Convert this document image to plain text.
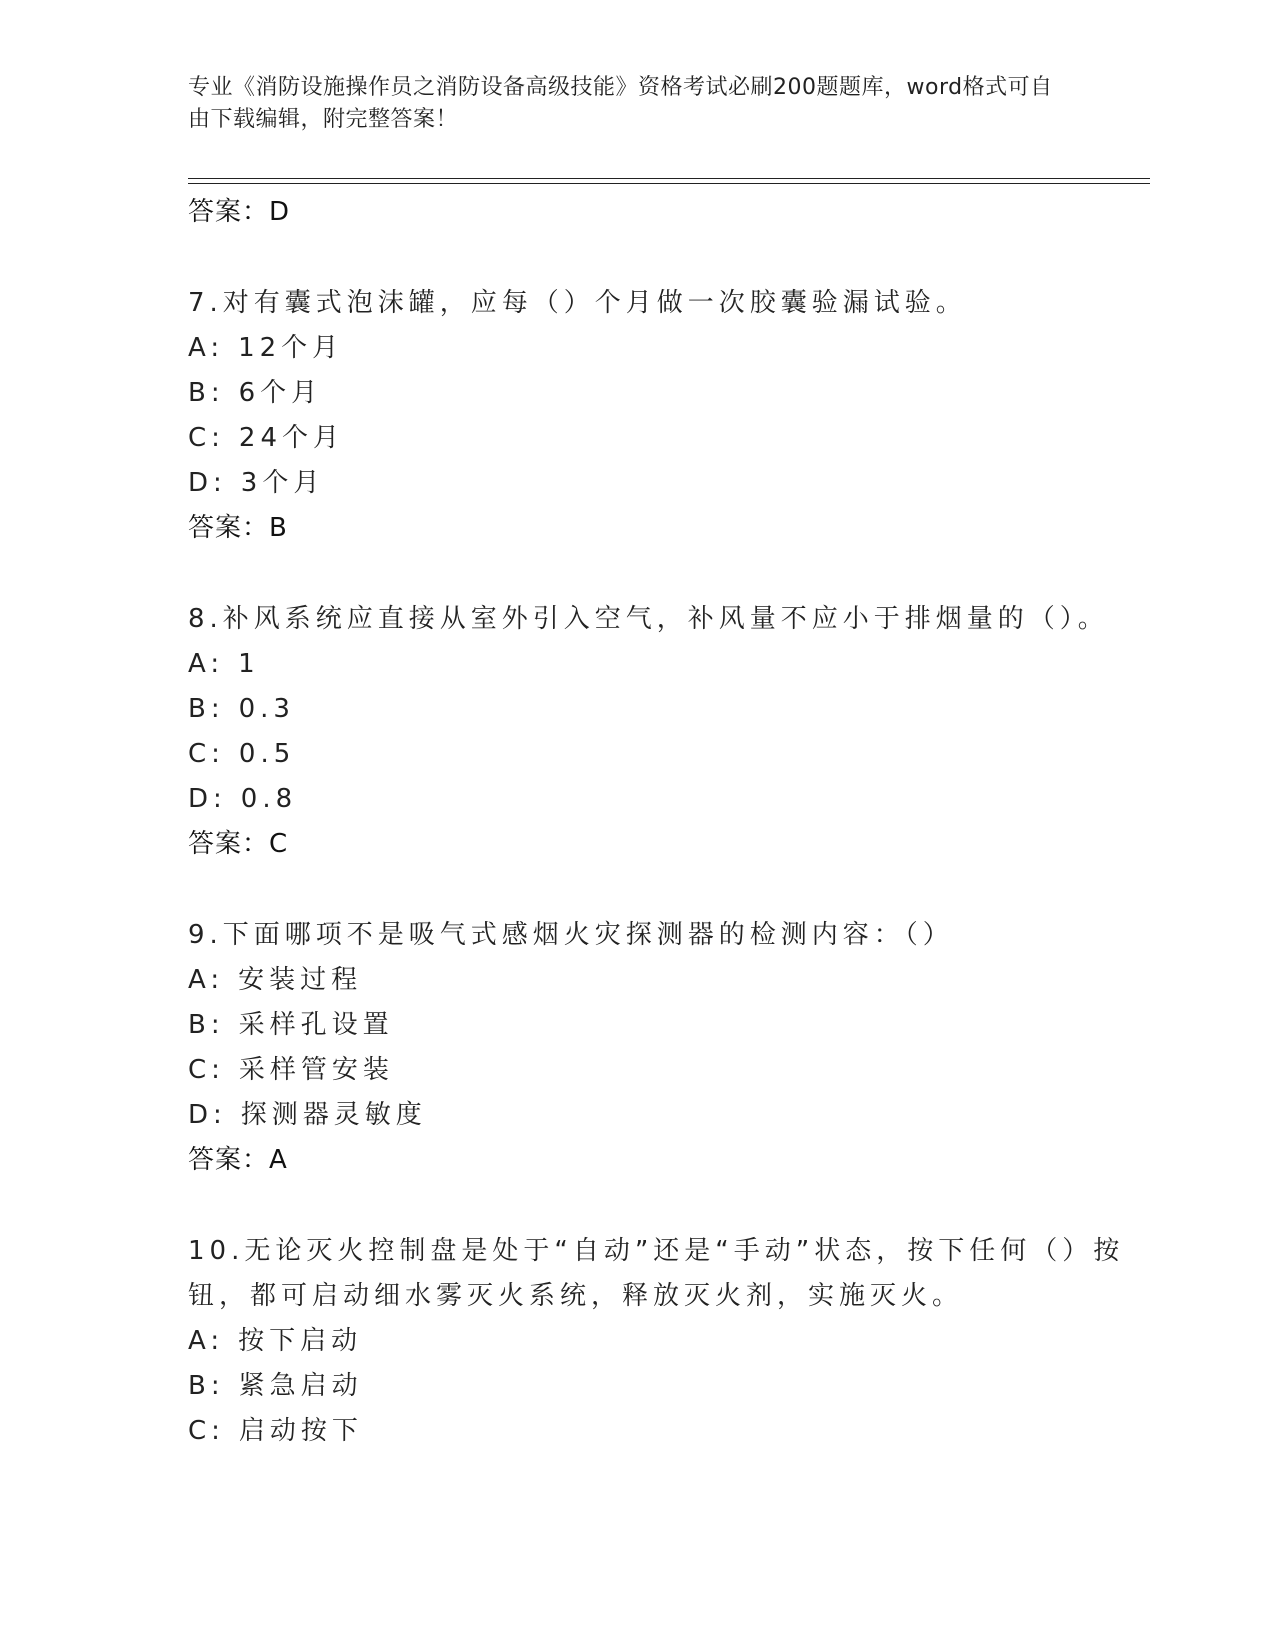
专业《消防设施操作员之消防设备高级技能》资格考试必刷200题题库，word格式可自由下载编辑，附完整答案！
答案：D
7.对有囊式泡沫罐，应每（）个月做一次胶囊验漏试验。
A: 12个月
B: 6个月
C: 24个月
D: 3个月
答案：B
8.补风系统应直接从室外引入空气，补风量不应小于排烟量的（）。
A: 1
B: 0.3
C: 0.5
D: 0.8
答案：C
9.下面哪项不是吸气式感烟火灾探测器的检测内容：（）
A: 安装过程
B: 采样孔设置
C: 采样管安装
D: 探测器灵敏度
答案：A
10.无论灭火控制盘是处于“自动”还是“手动”状态，按下任何（）按钮，都可启动细水雾灭火系统，释放灭火剂，实施灭火。
A: 按下启动
B: 紧急启动
C: 启动按下
